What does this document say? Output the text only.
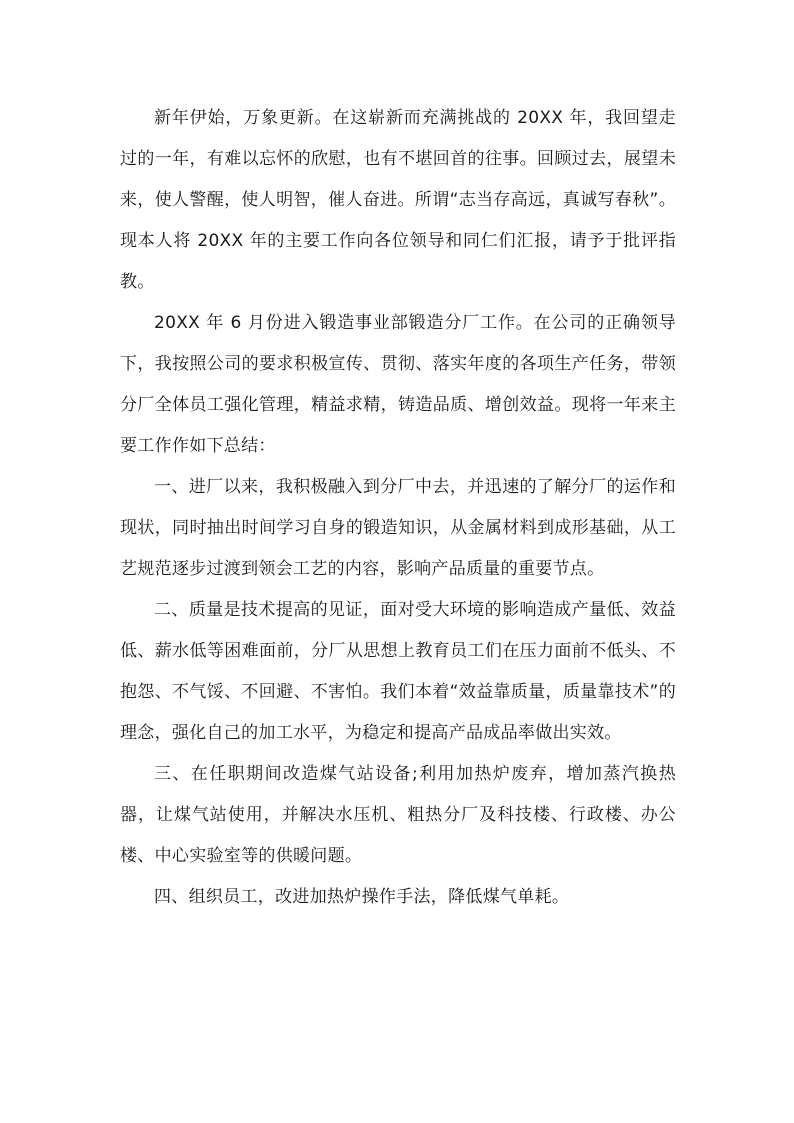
新年伊始，万象更新。在这崭新而充满挑战的 20XX 年，我回望走过的一年，有难以忘怀的欣慰，也有不堪回首的往事。回顾过去，展望未来，使人警醒，使人明智，催人奋进。所谓“志当存高远，真诚写春秋”。现本人将 20XX 年的主要工作向各位领导和同仁们汇报，请予于批评指教。

20XX 年 6 月份进入锻造事业部锻造分厂工作。在公司的正确领导下，我按照公司的要求积极宣传、贯彻、落实年度的各项生产任务，带领分厂全体员工强化管理，精益求精，铸造品质、增创效益。现将一年来主要工作作如下总结：

一、进厂以来，我积极融入到分厂中去，并迅速的了解分厂的运作和现状，同时抽出时间学习自身的锻造知识，从金属材料到成形基础，从工艺规范逐步过渡到领会工艺的内容，影响产品质量的重要节点。

二、质量是技术提高的见证，面对受大环境的影响造成产量低、效益低、薪水低等困难面前，分厂从思想上教育员工们在压力面前不低头、不抱怨、不气馁、不回避、不害怕。我们本着“效益靠质量，质量靠技术”的理念，强化自己的加工水平，为稳定和提高产品成品率做出实效。

三、在任职期间改造煤气站设备;利用加热炉废弃，增加蒸汽换热器，让煤气站使用，并解决水压机、粗热分厂及科技楼、行政楼、办公楼、中心实验室等的供暖问题。

四、组织员工，改进加热炉操作手法，降低煤气单耗。
